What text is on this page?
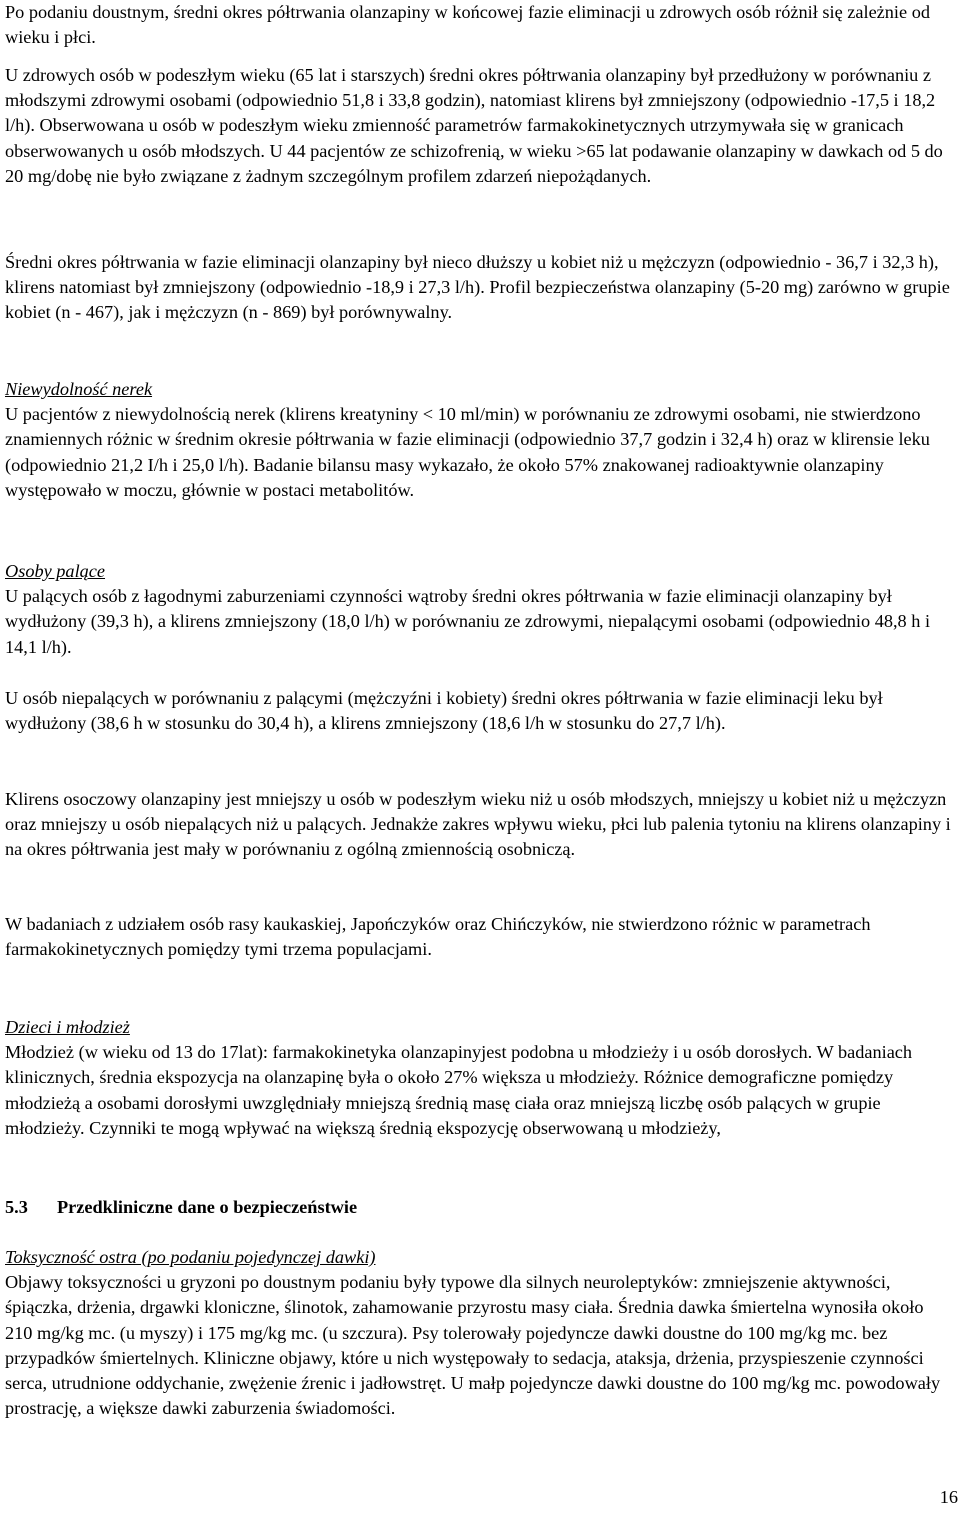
Po podaniu doustnym, średni okres półtrwania olanzapiny w końcowej fazie eliminacji u zdrowych osób różnił się zależnie od wieku i płci.

U zdrowych osób w podeszłym wieku (65 lat i starszych) średni okres półtrwania olanzapiny był przedłużony w porównaniu z młodszymi zdrowymi osobami (odpowiednio 51,8 i 33,8 godzin), natomiast klirens był zmniejszony (odpowiednio -17,5 i 18,2 l/h). Obserwowana u osób w podeszłym wieku zmienność parametrów farmakokinetycznych utrzymywała się w granicach obserwowanych u osób młodszych. U 44 pacjentów ze schizofrenią, w wieku >65 lat podawanie olanzapiny w dawkach od 5 do 20 mg/dobę nie było związane z żadnym szczególnym profilem zdarzeń niepożądanych.

Średni okres półtrwania w fazie eliminacji olanzapiny był nieco dłuższy u kobiet niż u mężczyzn (odpowiednio - 36,7 i 32,3 h), klirens natomiast był zmniejszony (odpowiednio -18,9 i 27,3 l/h). Profil bezpieczeństwa olanzapiny (5-20 mg) zarówno w grupie kobiet (n - 467), jak i mężczyzn (n - 869) był porównywalny.

Niewydolność nerek

U pacjentów z niewydolnością nerek (klirens kreatyniny < 10 ml/min) w porównaniu ze zdrowymi osobami, nie stwierdzono znamiennych różnic w średnim okresie półtrwania w fazie eliminacji (odpowiednio 37,7 godzin i 32,4 h) oraz w klirensie leku (odpowiednio 21,2 I/h i 25,0 l/h). Badanie bilansu masy wykazało, że około 57% znakowanej radioaktywnie olanzapiny występowało w moczu, głównie w postaci metabolitów.

Osoby palące

U palących osób z łagodnymi zaburzeniami czynności wątroby średni okres półtrwania w fazie eliminacji olanzapiny był wydłużony (39,3 h), a klirens zmniejszony (18,0 l/h) w porównaniu ze zdrowymi, niepalącymi osobami (odpowiednio 48,8 h i 14,1 l/h).

U osób niepalących w porównaniu z palącymi (mężczyźni i kobiety) średni okres półtrwania w fazie eliminacji leku był wydłużony (38,6 h w stosunku do 30,4 h), a klirens zmniejszony (18,6 l/h w stosunku do 27,7 l/h).

Klirens osoczowy olanzapiny jest mniejszy u osób w podeszłym wieku niż u osób młodszych, mniejszy u kobiet niż u mężczyzn oraz mniejszy u osób niepalących niż u palących. Jednakże zakres wpływu wieku, płci lub palenia tytoniu na klirens olanzapiny i na okres półtrwania jest mały w porównaniu z ogólną zmiennością osobniczą.

W badaniach z udziałem osób rasy kaukaskiej, Japończyków oraz Chińczyków, nie stwierdzono różnic w parametrach farmakokinetycznych pomiędzy tymi trzema populacjami.

Dzieci i młodzież

Młodzież (w wieku od 13 do 17lat): farmakokinetyka olanzapinyjest podobna u młodzieży i u osób dorosłych. W badaniach klinicznych, średnia ekspozycja na olanzapinę była o około 27% większa u młodzieży. Różnice demograficzne pomiędzy młodzieżą a osobami dorosłymi uwzględniały mniejszą średnią masę ciała oraz mniejszą liczbę osób palących w grupie młodzieży. Czynniki te mogą wpływać na większą średnią ekspozycję obserwowaną u młodzieży,

5.3 Przedkliniczne dane o bezpieczeństwie

Toksyczność ostra (po podaniu pojedynczej dawki)

Objawy toksyczności u gryzoni po doustnym podaniu były typowe dla silnych neuroleptyków: zmniejszenie aktywności, śpiączka, drżenia, drgawki kloniczne, ślinotok, zahamowanie przyrostu masy ciała. Średnia dawka śmiertelna wynosiła około 210 mg/kg mc. (u myszy) i 175 mg/kg mc. (u szczura). Psy tolerowały pojedyncze dawki doustne do 100 mg/kg mc. bez przypadków śmiertelnych. Kliniczne objawy, które u nich występowały to sedacja, ataksja, drżenia, przyspieszenie czynności serca, utrudnione oddychanie, zwężenie źrenic i jadłowstręt. U małp pojedyncze dawki doustne do 100 mg/kg mc. powodowały prostrację, a większe dawki zaburzenia świadomości.

16
